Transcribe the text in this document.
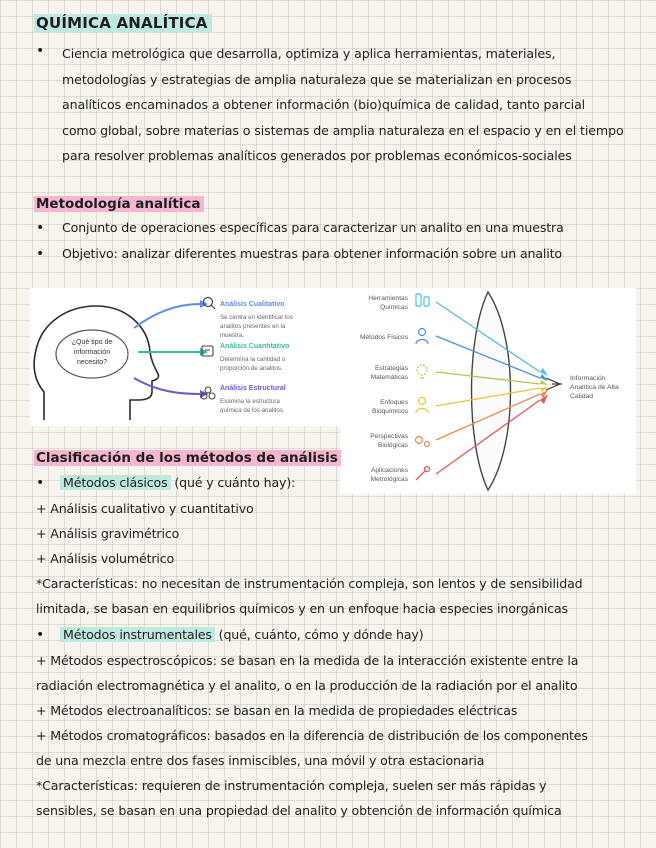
QUÍMICA ANALÍTICA
• Ciencia metrológica que desarrolla, optimiza y aplica herramientas, materiales,

metodologías y estrategias de amplia naturaleza que se materializan en procesos

analíticos encaminados a obtener información (bio)química de calidad, tanto parcial

como global, sobre materias o sistemas de amplia naturaleza en el espacio y en el tiempo

para resolver problemas analíticos generados por problemas económicos-sociales

Metodología analítica
• Conjunto de operaciones específicas para caracterizar un analito en una muestra
• Objetivo: analizar diferentes muestras para obtener información sobre un analito
¿Qué tipo de
información
necesito?
Análisis Cualitativo
Se centra en identificar los
analitos presentes en la
muestra.
Análisis Cuantitativo
Determina la cantidad o
proporción de analitos.
Análisis Estructural
Examina la estructura
química de los analitos.
Información
Analítica de Alta
Calidad
Herramientas
Químicas
Métodos Físicos
Estrategias
Matemáticas
Enfoques
Bioquímicos
Perspectivas
Biológicas
Aplicaciones
Metrológicas
Clasificación de los métodos de análisis
• Métodos clásicos (qué y cuánto hay):
+ Análisis cualitativo y cuantitativo
+ Análisis gravimétrico
+ Análisis volumétrico
*Características: no necesitan de instrumentación compleja, son lentos y de sensibilidad
limitada, se basan en equilibrios químicos y en un enfoque hacia especies inorgánicas
• Métodos instrumentales (qué, cuánto, cómo y dónde hay)
+ Métodos espectroscópicos: se basan en la medida de la interacción existente entre la
radiación electromagnética y el analito, o en la producción de la radiación por el analito
+ Métodos electroanalíticos: se basan en la medida de propiedades eléctricas
+ Métodos cromatográficos: basados en la diferencia de distribución de los componentes
de una mezcla entre dos fases inmiscibles, una móvil y otra estacionaria
*Características: requieren de instrumentación compleja, suelen ser más rápidas y
sensibles, se basan en una propiedad del analito y obtención de información química
